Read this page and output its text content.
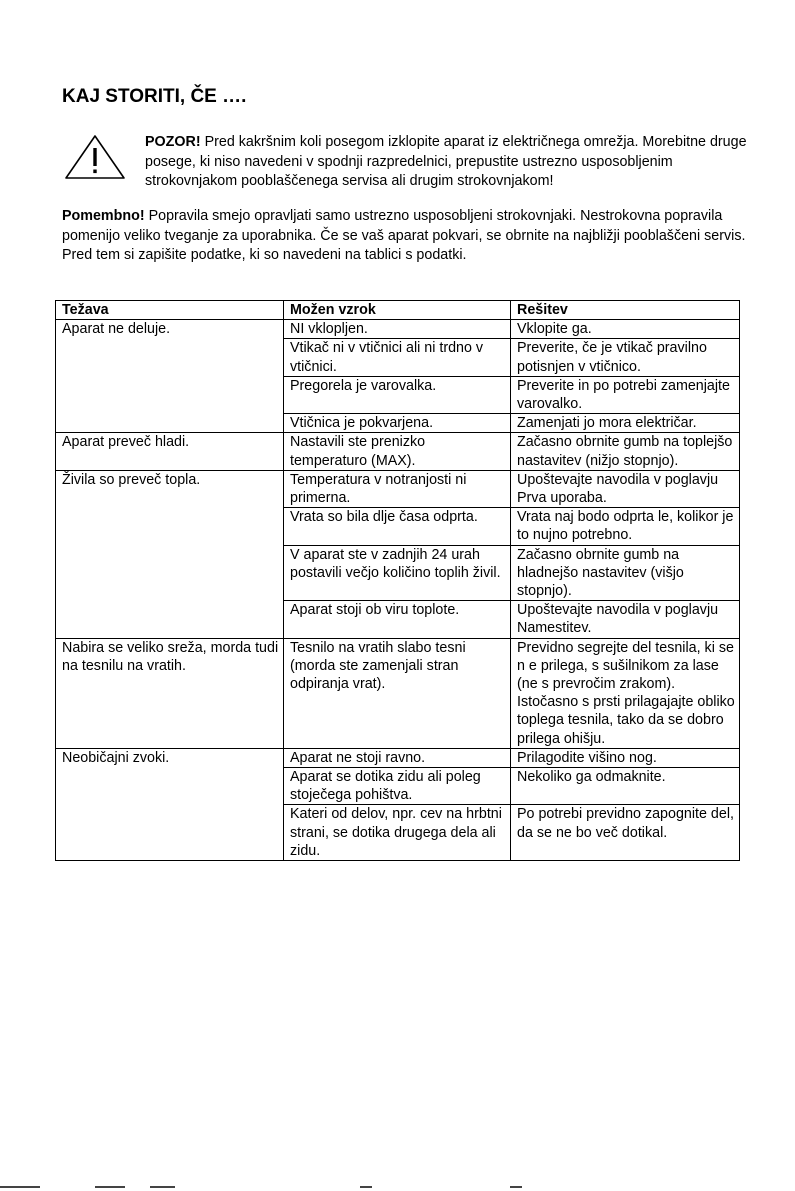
KAJ STORITI, ČE ….

POZOR! Pred kakršnim koli posegom izklopite aparat iz električnega omrežja. Morebitne druge posege, ki niso navedeni v spodnji razpredelnici, prepustite ustrezno usposobljenim strokovnjakom pooblaščenega servisa ali drugim strokovnjakom!

Pomembno! Popravila smejo opravljati samo ustrezno usposobljeni strokovnjaki. Nestrokovna popravila pomenijo veliko tveganje za uporabnika. Če se vaš aparat pokvari, se obrnite na najbližji pooblaščeni servis. Pred tem si zapišite podatke, ki so navedeni na tablici s podatki.

Težava	Možen vzrok	Rešitev
Aparat ne deluje.	NI vklopljen.	Vklopite ga.
	Vtikač ni v vtičnici ali ni trdno v vtičnici.	Preverite, če je vtikač pravilno potisnjen v vtičnico.
	Pregorela je varovalka.	Preverite in po potrebi zamenjajte varovalko.
	Vtičnica je pokvarjena.	Zamenjati jo mora električar.
Aparat preveč hladi.	Nastavili ste prenizko temperaturo (MAX).	Začasno obrnite gumb na toplejšo nastavitev (nižjo stopnjo).
Živila so preveč topla.	Temperatura v notranjosti ni primerna.	Upoštevajte navodila v poglavju Prva uporaba.
	Vrata so bila dlje časa odprta.	Vrata naj bodo odprta le, kolikor je to nujno potrebno.
	V aparat ste v zadnjih 24 urah postavili večjo količino toplih živil.	Začasno obrnite gumb na hladnejšo nastavitev (višjo stopnjo).
	Aparat stoji ob viru toplote.	Upoštevajte navodila v poglavju Namestitev.
Nabira se veliko sreža, morda tudi na tesnilu na vratih.	Tesnilo na vratih slabo tesni (morda ste zamenjali stran odpiranja vrat).	Previdno segrejte del tesnila, ki se n e prilega, s sušilnikom za lase (ne s prevročim zrakom). Istočasno s prsti prilagajajte obliko toplega tesnila, tako da se dobro prilega ohišju.
Neobičajni zvoki.	Aparat ne stoji ravno.	Prilagodite višino nog.
	Aparat se dotika zidu ali poleg stoječega pohištva.	Nekoliko ga odmaknite.
	Kateri od delov, npr. cev na hrbtni strani, se dotika drugega dela ali zidu.	Po potrebi previdno zapognite del, da se ne bo več dotikal.
